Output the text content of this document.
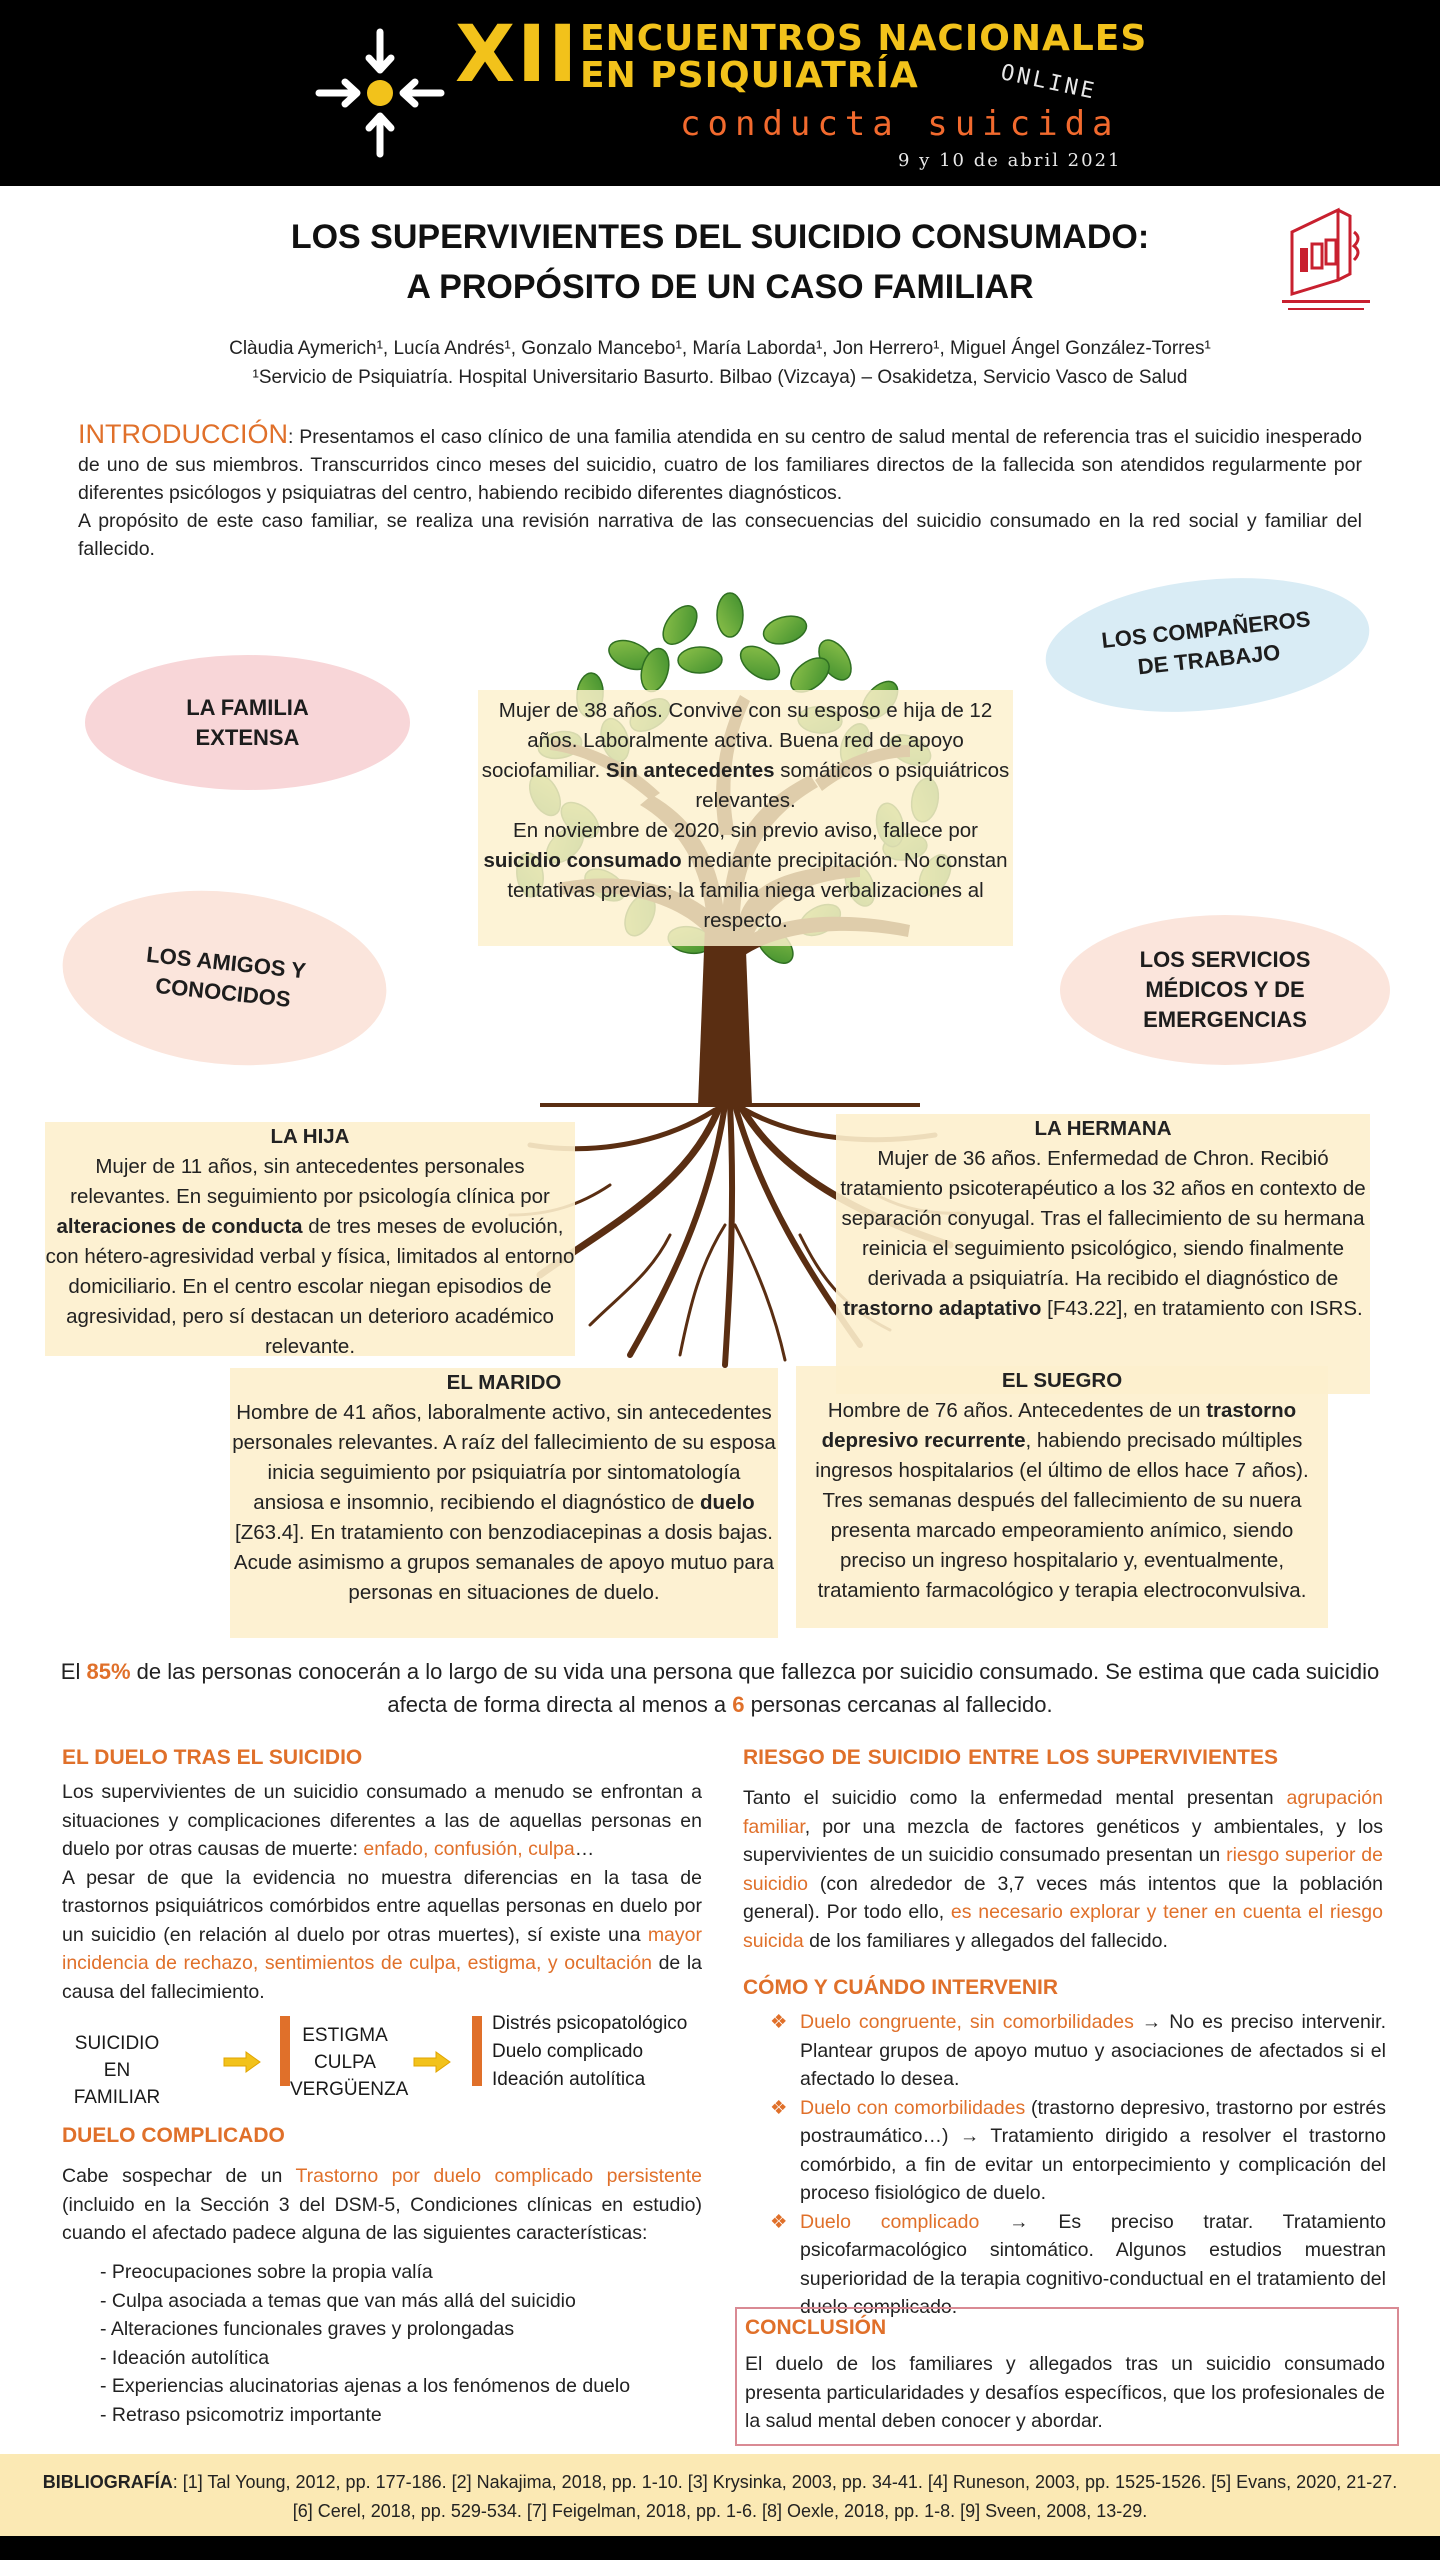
XII ENCUENTROS NACIONALES
EN PSIQUIATRÍA	ONLINE
conducta suicida
9 y 10 de abril 2021
LOS SUPERVIVIENTES DEL SUICIDIO CONSUMADO:
A PROPÓSITO DE UN CASO FAMILIAR
Clàudia Aymerich¹, Lucía Andrés¹, Gonzalo Mancebo¹, María Laborda¹, Jon Herrero¹, Miguel Ángel González-Torres¹
¹Servicio de Psiquiatría. Hospital Universitario Basurto. Bilbao (Vizcaya) – Osakidetza, Servicio Vasco de Salud
INTRODUCCIÓN: Presentamos el caso clínico de una familia atendida en su centro de salud mental de referencia tras el suicidio inesperado de uno de sus miembros. Transcurridos cinco meses del suicidio, cuatro de los familiares directos de la fallecida son atendidos regularmente por diferentes psicólogos y psiquiatras del centro, habiendo recibido diferentes diagnósticos.
A propósito de este caso familiar, se realiza una revisión narrativa de las consecuencias del suicidio consumado en la red social y familiar del fallecido.
LA FAMILIA EXTENSA
LOS COMPAÑEROS DE TRABAJO
LOS AMIGOS Y CONOCIDOS
LOS SERVICIOS MÉDICOS Y DE EMERGENCIAS
Mujer de 38 años. Convive con su esposo e hija de 12 años. Laboralmente activa. Buena red de apoyo sociofamiliar. Sin antecedentes somáticos o psiquiátricos relevantes.
En noviembre de 2020, sin previo aviso, fallece por suicidio consumado mediante precipitación. No constan tentativas previas; la familia niega verbalizaciones al respecto.
LA HIJA
Mujer de 11 años, sin antecedentes personales relevantes. En seguimiento por psicología clínica por alteraciones de conducta de tres meses de evolución, con hétero-agresividad verbal y física, limitados al entorno domiciliario. En el centro escolar niegan episodios de agresividad, pero sí destacan un deterioro académico relevante.
LA HERMANA
Mujer de 36 años. Enfermedad de Chron. Recibió tratamiento psicoterapéutico a los 32 años en contexto de separación conyugal. Tras el fallecimiento de su hermana reinicia el seguimiento psicológico, siendo finalmente derivada a psiquiatría. Ha recibido el diagnóstico de trastorno adaptativo [F43.22], en tratamiento con ISRS.
EL MARIDO
Hombre de 41 años, laboralmente activo, sin antecedentes personales relevantes. A raíz del fallecimiento de su esposa inicia seguimiento por psiquiatría por sintomatología ansiosa e insomnio, recibiendo el diagnóstico de duelo [Z63.4]. En tratamiento con benzodiacepinas a dosis bajas. Acude asimismo a grupos semanales de apoyo mutuo para personas en situaciones de duelo.
EL SUEGRO
Hombre de 76 años. Antecedentes de un trastorno depresivo recurrente, habiendo precisado múltiples ingresos hospitalarios (el último de ellos hace 7 años). Tres semanas después del fallecimiento de su nuera presenta marcado empeoramiento anímico, siendo preciso un ingreso hospitalario y, eventualmente, tratamiento farmacológico y terapia electroconvulsiva.
El 85% de las personas conocerán a lo largo de su vida una persona que fallezca por suicidio consumado. Se estima que cada suicidio afecta de forma directa al menos a 6 personas cercanas al fallecido.
EL DUELO TRAS EL SUICIDIO
Los supervivientes de un suicidio consumado a menudo se enfrontan a situaciones y complicaciones diferentes a las de aquellas personas en duelo por otras causas de muerte: enfado, confusión, culpa…
A pesar de que la evidencia no muestra diferencias en la tasa de trastornos psiquiátricos comórbidos entre aquellas personas en duelo por un suicidio (en relación al duelo por otras muertes), sí existe una mayor incidencia de rechazo, sentimientos de culpa, estigma, y ocultación de la causa del fallecimiento.
SUICIDIO EN FAMILIAR
ESTIGMA CULPA VERGÜENZA
Distrés psicopatológico
Duelo complicado
Ideación autolítica
DUELO COMPLICADO
Cabe sospechar de un Trastorno por duelo complicado persistente (incluido en la Sección 3 del DSM-5, Condiciones clínicas en estudio) cuando el afectado padece alguna de las siguientes características:
- Preocupaciones sobre la propia valía
- Culpa asociada a temas que van más allá del suicidio
- Alteraciones funcionales graves y prolongadas
- Ideación autolítica
- Experiencias alucinatorias ajenas a los fenómenos de duelo
- Retraso psicomotriz importante
RIESGO DE SUICIDIO ENTRE LOS SUPERVIVIENTES
Tanto el suicidio como la enfermedad mental presentan agrupación familiar, por una mezcla de factores genéticos y ambientales, y los supervivientes de un suicidio consumado presentan un riesgo superior de suicidio (con alrededor de 3,7 veces más intentos que la población general). Por todo ello, es necesario explorar y tener en cuenta el riesgo suicida de los familiares y allegados del fallecido.
CÓMO Y CUÁNDO INTERVENIR
❖ Duelo congruente, sin comorbilidades → No es preciso intervenir. Plantear grupos de apoyo mutuo y asociaciones de afectados si el afectado lo desea.
❖ Duelo con comorbilidades (trastorno depresivo, trastorno por estrés postraumático…) → Tratamiento dirigido a resolver el trastorno comórbido, a fin de evitar un entorpecimiento y complicación del proceso fisiológico de duelo.
❖ Duelo complicado → Es preciso tratar. Tratamiento psicofarmacológico sintomático. Algunos estudios muestran superioridad de la terapia cognitivo-conductual en el tratamiento del duelo complicado.
CONCLUSIÓN
El duelo de los familiares y allegados tras un suicidio consumado presenta particularidades y desafíos específicos, que los profesionales de la salud mental deben conocer y abordar.
BIBLIOGRAFÍA: [1] Tal Young, 2012, pp. 177-186. [2] Nakajima, 2018, pp. 1-10. [3] Krysinka, 2003, pp. 34-41. [4] Runeson, 2003, pp. 1525-1526. [5] Evans, 2020, 21-27. [6] Cerel, 2018, pp. 529-534. [7] Feigelman, 2018, pp. 1-6. [8] Oexle, 2018, pp. 1-8. [9] Sveen, 2008, 13-29.
